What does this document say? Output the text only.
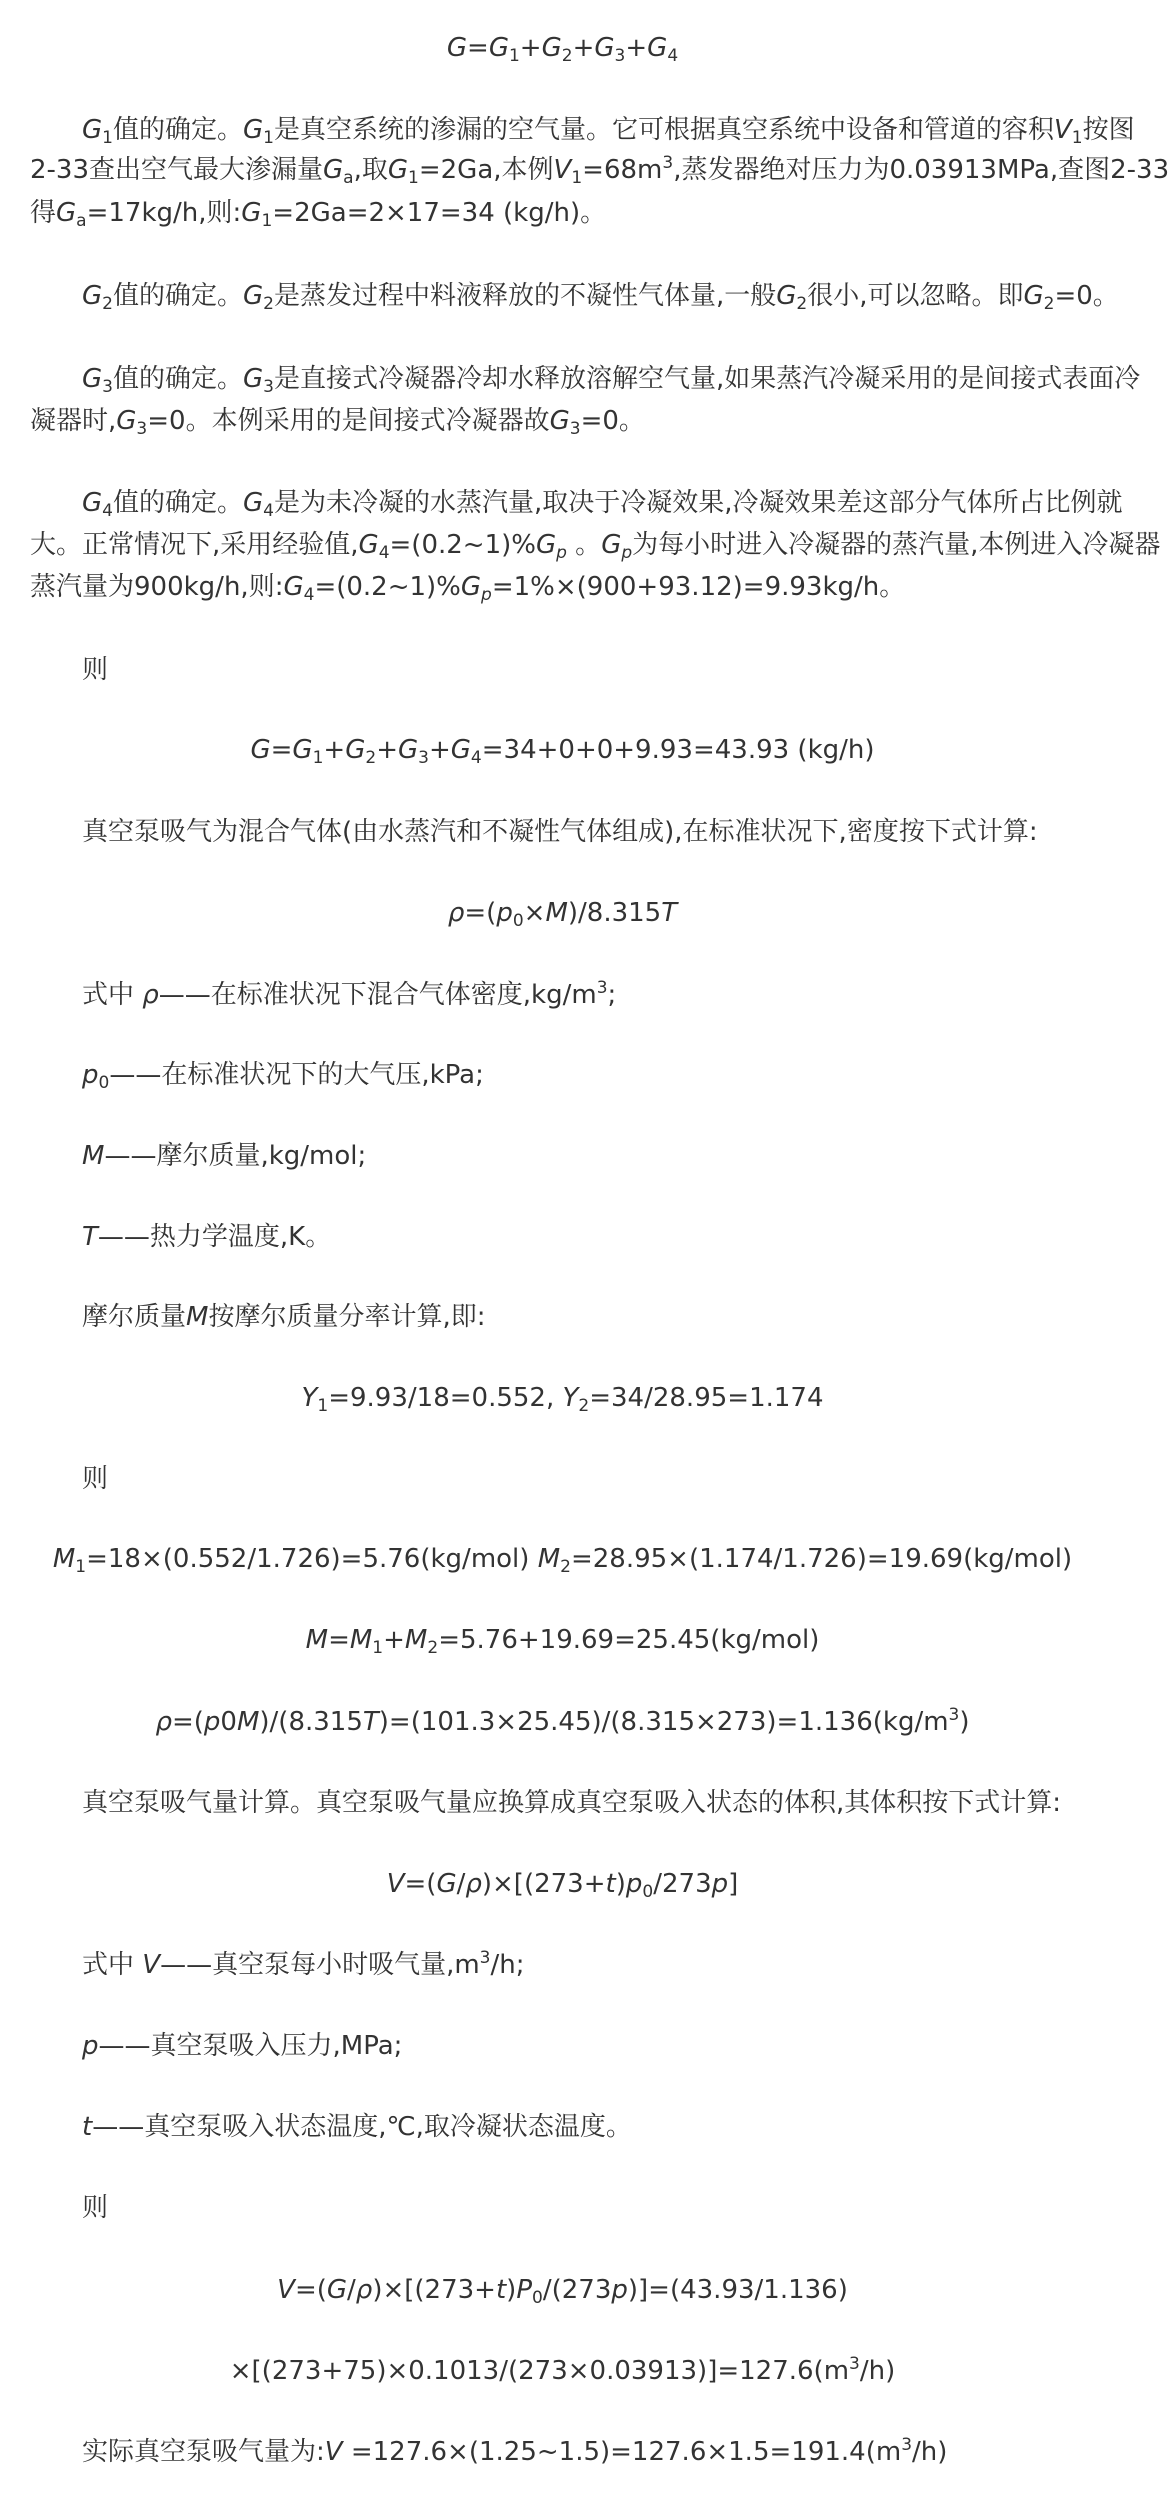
$G=G_1+G_2+G_3+G_4$
$G_1$值的确定。$G_1$是真空系统的渗漏的空气量。它可根据真空系统中设备和管道的容积$V_1$按图
2-33查出空气最大渗漏量$G_a$,取$G_1=2Ga$,本例$V_1=68m^3$,蒸发器绝对压力为0.03913MPa,查图2-33
得$G_a=17kg/h$,则$:G_1=2Ga=2\times 17=34$ (kg/h)。
$G_2$值的确定。$G_2$是蒸发过程中料液释放的不凝性气体量,一般$G_2$很小,可以忽略。即$G_2=0$。
$G_3$值的确定。$G_3$是直接式冷凝器冷却水释放溶解空气量,如果蒸汽冷凝采用的是间接式表面冷
凝器时$,G_3=0$。本例采用的是间接式冷凝器故$G_3=0$。
$G_4$值的确定。$G_4$是为未冷凝的水蒸汽量,取决于冷凝效果,冷凝效果差这部分气体所占比例就
大。正常情况下,采用经验值$,G_4=(0.2\sim 1)\%G_p$ 。$G_p$为每小时进入冷凝器的蒸汽量,本例进入冷凝器
蒸汽量为900kg/h,则$:G_4=(0.2\sim 1)\%G_p=1\%\times(900+93.12)=9.93kg/h$。
则
$G=G_1+G_2+G_3+G_4=34+0+0+9.93=43.93$ (kg/h)
真空泵吸气为混合气体(由水蒸汽和不凝性气体组成),在标准状况下,密度按下式计算:
$\rho=(p_0\times M)/8.315T$
式中 ρ——在标准状况下混合气体密度$,kg/m^3$;
$p_0——$在标准状况下的大气压,kPa;
M——摩尔质量,kg/mol;
T——热力学温度,K。
摩尔质量M按摩尔质量分率计算,即:
$Y_1=9.93/18=0.552$, $Y_2=34/28.95=1.174$
则
$M_1=18\times(0.552/1.726)=5.76(kg/mol)$ $M_2=28.95\times(1.174/1.726)=19.69(kg/mol)$
$M=M_1+M_2=5.76+19.69=25.45(kg/mol)$
$\rho=(p0M)/(8.315T)=(101.3\times 25.45)/(8.315\times 273)=1.136(kg/m^3)$
真空泵吸气量计算。真空泵吸气量应换算成真空泵吸入状态的体积,其体积按下式计算:
$V=(G/\rho)\times[(273+t)p_0/273p]$
式中 V——真空泵每小时吸气量$,m^3/h$;
p——真空泵吸入压力,MPa;
t——真空泵吸入状态温度,℃,取冷凝状态温度。
则
$V=(G/\rho)\times[(273+t)P_0/(273p)]=(43.93/1.136)$
$\times[(273+75)\times 0.1013/(273\times 0.03913)]=127.6(m^3/h)$
实际真空泵吸气量为:V $=127.6\times(1.25\sim 1.5)=127.6\times 1.5=191.4(m^3/h)$
